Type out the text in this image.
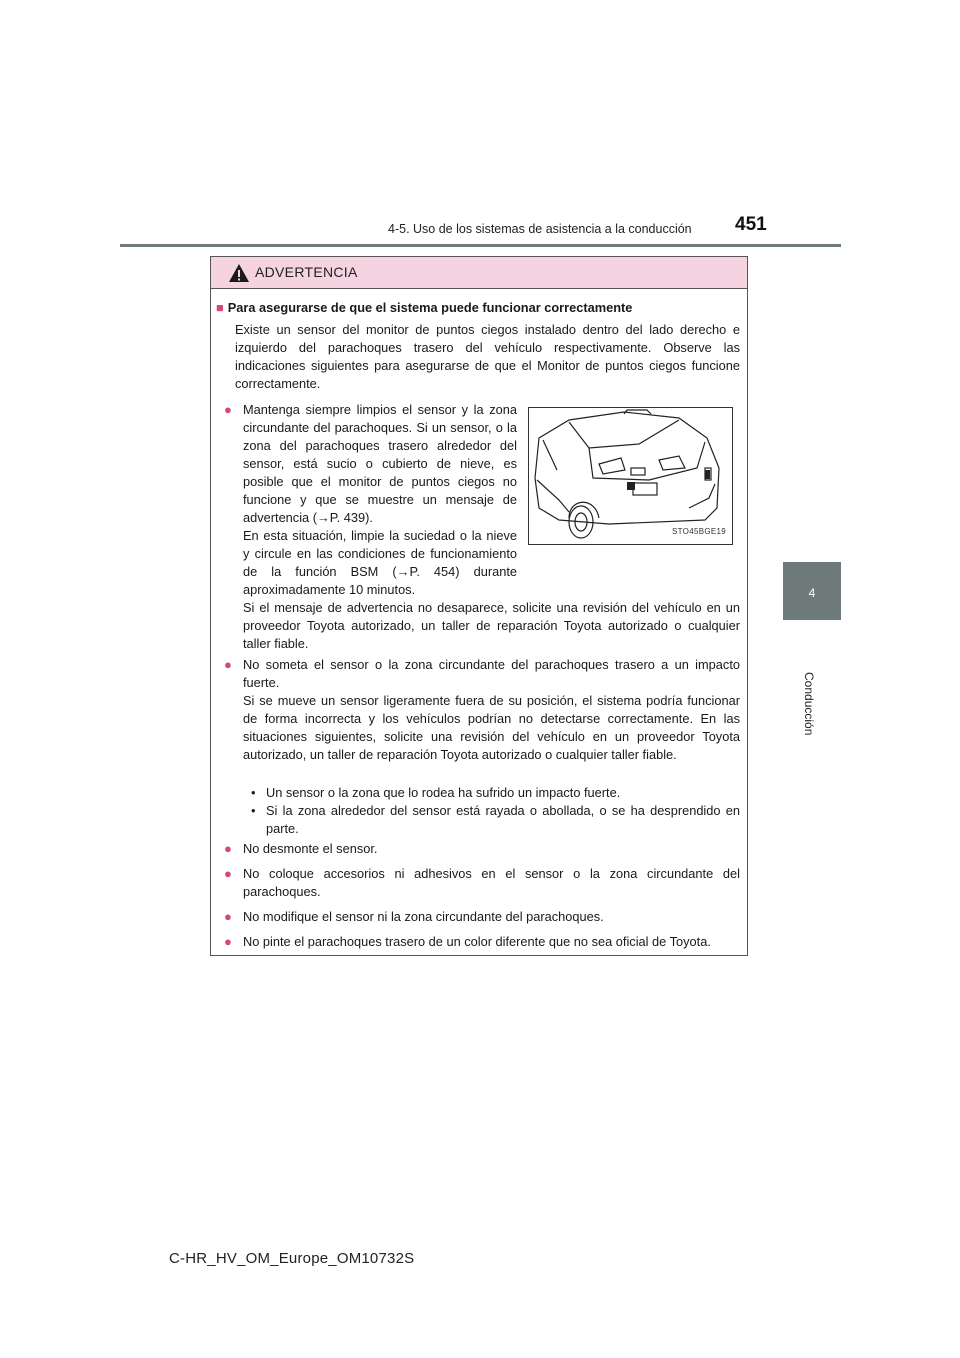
4-5. Uso de los sistemas de asistencia a la conducción 451
4
Conducción
ADVERTENCIA
■ Para asegurarse de que el sistema puede funcionar correctamente
Existe un sensor del monitor de puntos ciegos instalado dentro del lado derecho e izquierdo del parachoques trasero del vehículo respectivamente. Observe las indicaciones siguientes para asegurarse de que el Monitor de puntos ciegos funcione correctamente.
● Mantenga siempre limpios el sensor y la zona circundante del parachoques. Si un sensor, o la zona del parachoques trasero alrededor del sensor, está sucio o cubierto de nieve, es posible que el monitor de puntos ciegos no funcione y que se muestre un mensaje de advertencia (→P. 439).
En esta situación, limpie la suciedad o la nieve y circule en las condiciones de funcionamiento de la función BSM (→P. 454) durante aproximadamente 10 minutos.
STO45BGE19
Si el mensaje de advertencia no desaparece, solicite una revisión del vehículo en un proveedor Toyota autorizado, un taller de reparación Toyota autorizado o cualquier taller fiable.
● No someta el sensor o la zona circundante del parachoques trasero a un impacto fuerte.
Si se mueve un sensor ligeramente fuera de su posición, el sistema podría funcionar de forma incorrecta y los vehículos podrían no detectarse correctamente. En las situaciones siguientes, solicite una revisión del vehículo en un proveedor Toyota autorizado, un taller de reparación Toyota autorizado o cualquier taller fiable.
• Un sensor o la zona que lo rodea ha sufrido un impacto fuerte.
• Si la zona alrededor del sensor está rayada o abollada, o se ha desprendido en parte.
● No desmonte el sensor.
● No coloque accesorios ni adhesivos en el sensor o la zona circundante del parachoques.
● No modifique el sensor ni la zona circundante del parachoques.
● No pinte el parachoques trasero de un color diferente que no sea oficial de Toyota.
C-HR_HV_OM_Europe_OM10732S
